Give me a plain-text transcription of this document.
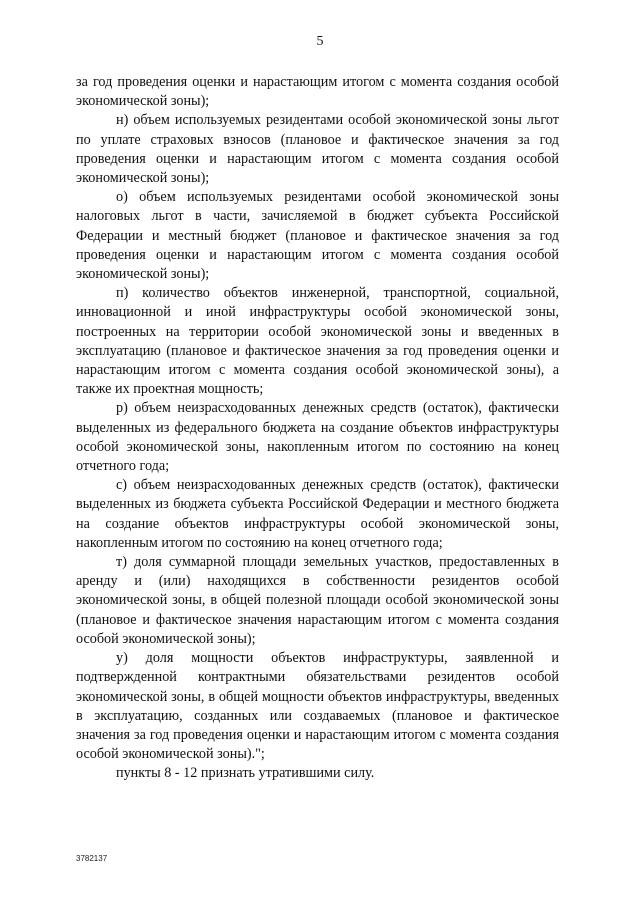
5

за год проведения оценки и нарастающим итогом с момента создания особой экономической зоны);

н) объем используемых резидентами особой экономической зоны льгот по уплате страховых взносов (плановое и фактическое значения за год проведения оценки и нарастающим итогом с момента создания особой экономической зоны);

о) объем используемых резидентами особой экономической зоны налоговых льгот в части, зачисляемой в бюджет субъекта Российской Федерации и местный бюджет (плановое и фактическое значения за год проведения оценки и нарастающим итогом с момента создания особой экономической зоны);

п) количество объектов инженерной, транспортной, социальной, инновационной и иной инфраструктуры особой экономической зоны, построенных на территории особой экономической зоны и введенных в эксплуатацию (плановое и фактическое значения за год проведения оценки и нарастающим итогом с момента создания особой экономической зоны), а также их проектная мощность;

р) объем неизрасходованных денежных средств (остаток), фактически выделенных из федерального бюджета на создание объектов инфраструктуры особой экономической зоны, накопленным итогом по состоянию на конец отчетного года;

с) объем неизрасходованных денежных средств (остаток), фактически выделенных из бюджета субъекта Российской Федерации и местного бюджета на создание объектов инфраструктуры особой экономической зоны, накопленным итогом по состоянию на конец отчетного года;

т) доля суммарной площади земельных участков, предоставленных в аренду и (или) находящихся в собственности резидентов особой экономической зоны, в общей полезной площади особой экономической зоны (плановое и фактическое значения нарастающим итогом с момента создания особой экономической зоны);

у) доля мощности объектов инфраструктуры, заявленной и подтвержденной контрактными обязательствами резидентов особой экономической зоны, в общей мощности объектов инфраструктуры, введенных в эксплуатацию, созданных или создаваемых (плановое и фактическое значения за год проведения оценки и нарастающим итогом с момента создания особой экономической зоны).";

пункты 8 - 12 признать утратившими силу.

3782137
